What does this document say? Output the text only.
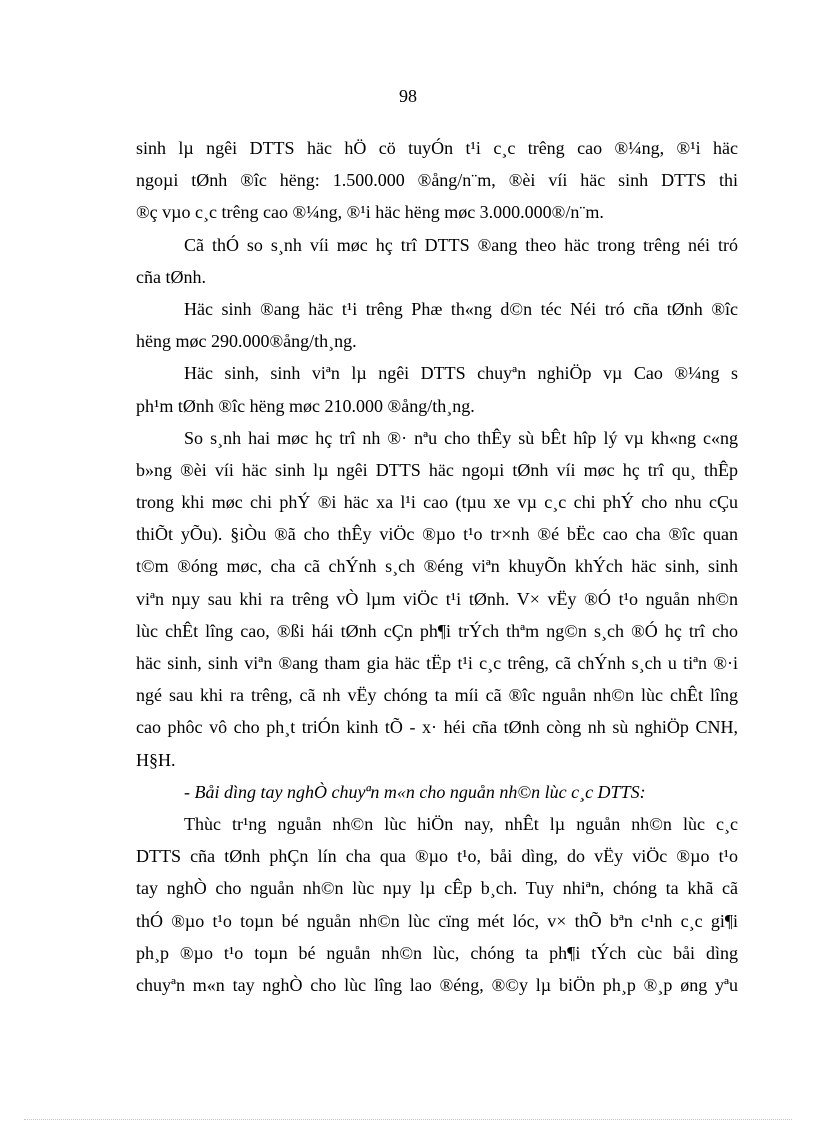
98
sinh lµ ngêi DTTS häc hÖ cö tuyÓn t¹i c¸c trêng cao ®¼ng, ®¹i häc
ngoµi tØnh ®îc hëng: 1.500.000 ®ång/n¨m, ®èi víi häc sinh DTTS thi
®ç vµo c¸c trêng cao ®¼ng, ®¹i häc hëng møc 3.000.000®/n¨m.
Cã thÓ so s¸nh víi møc hç trî DTTS ®ang theo häc trong trêng néi tró
cña tØnh.
Häc sinh ®ang häc t¹i trêng Phæ th«ng d©n téc Néi tró cña tØnh ®îc
hëng møc 290.000®ång/th¸ng.
Häc sinh, sinh viªn lµ ngêi DTTS chuyªn nghiÖp vµ Cao ®¼ng s
ph¹m tØnh ®îc hëng møc 210.000 ®ång/th¸ng.
So s¸nh hai møc hç trî nh ®· nªu cho thÊy sù bÊt hîp lý vµ kh«ng c«ng
b»ng ®èi víi häc sinh lµ ngêi DTTS häc ngoµi tØnh víi møc hç trî qu¸ thÊp
trong khi møc chi phÝ ®i häc xa l¹i cao (tµu xe vµ c¸c chi phÝ cho nhu cÇu
thiÕt yÕu). §iÒu ®ã cho thÊy viÖc ®µo t¹o tr×nh ®é bËc cao cha ®îc quan
t©m ®óng møc, cha cã chÝnh s¸ch ®éng viªn khuyÕn khÝch häc sinh, sinh
viªn nµy sau khi ra trêng vÒ lµm viÖc t¹i tØnh. V× vËy ®Ó t¹o nguån nh©n
lùc chÊt lîng cao, ®ßi hái tØnh cÇn ph¶i trÝch thªm ng©n s¸ch ®Ó hç trî cho
häc sinh, sinh viªn ®ang tham gia häc tËp t¹i c¸c trêng, cã chÝnh s¸ch u tiªn ®·i
ngé sau khi ra trêng, cã nh vËy chóng ta míi cã ®îc nguån nh©n lùc chÊt lîng
cao phôc vô cho ph¸t triÓn kinh tÕ - x· héi cña tØnh còng nh sù nghiÖp CNH,
H§H.
- Båi dìng tay nghÒ chuyªn m«n cho nguån nh©n lùc c¸c DTTS:
Thùc tr¹ng nguån nh©n lùc hiÖn nay, nhÊt lµ nguån nh©n lùc c¸c
DTTS cña tØnh phÇn lín cha qua ®µo t¹o, båi dìng, do vËy viÖc ®µo t¹o
tay nghÒ cho nguån nh©n lùc nµy lµ cÊp b¸ch. Tuy nhiªn, chóng ta khã cã
thÓ ®µo t¹o toµn bé nguån nh©n lùc cïng mét lóc, v× thÕ bªn c¹nh c¸c gi¶i
ph¸p ®µo t¹o toµn bé nguån nh©n lùc, chóng ta ph¶i tÝch cùc båi dìng
chuyªn m«n tay nghÒ cho lùc lîng lao ®éng, ®©y lµ biÖn ph¸p ®¸p øng yªu
